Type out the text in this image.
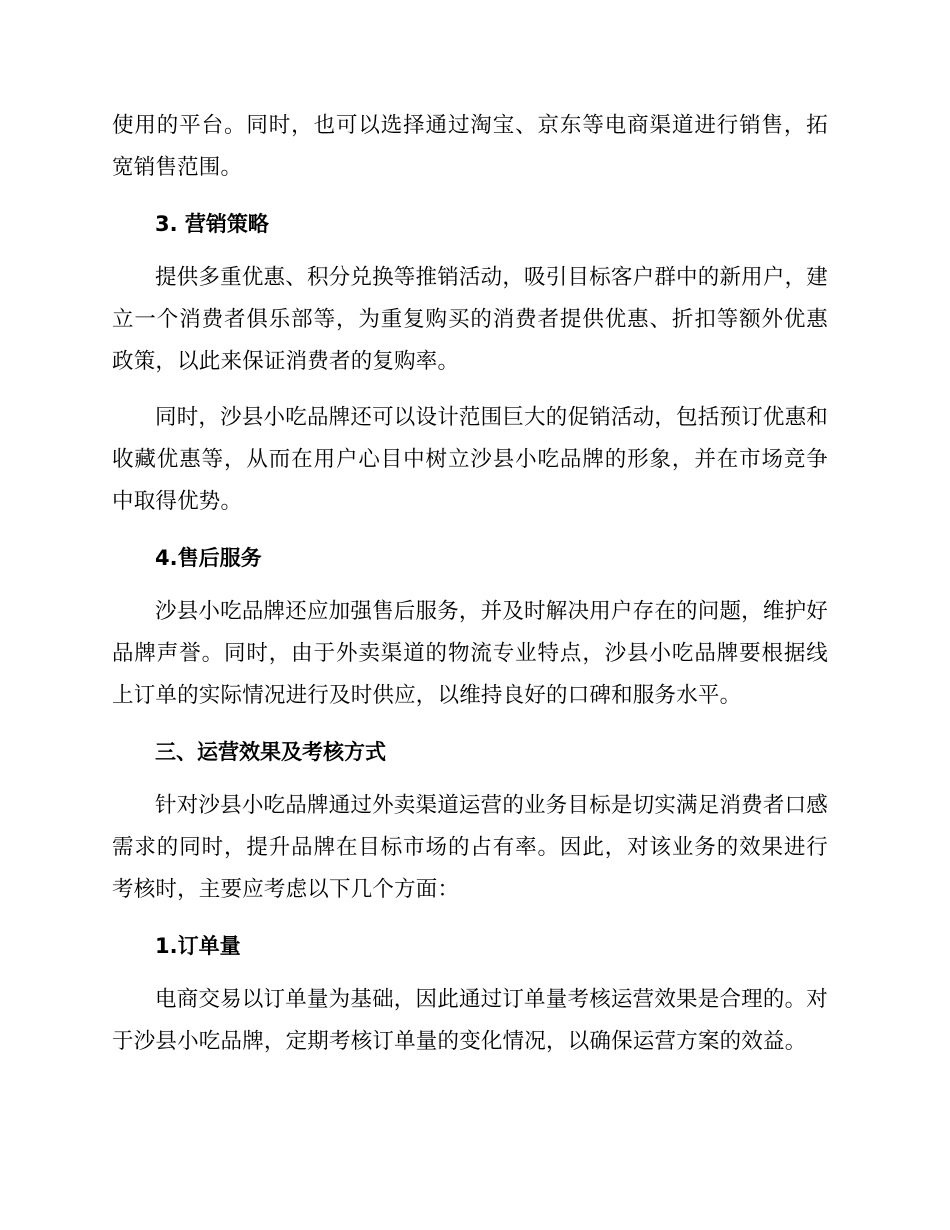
使用的平台。同时，也可以选择通过淘宝、京东等电商渠道进行销售，拓宽销售范围。

3. 营销策略

提供多重优惠、积分兑换等推销活动，吸引目标客户群中的新用户，建立一个消费者俱乐部等，为重复购买的消费者提供优惠、折扣等额外优惠政策，以此来保证消费者的复购率。

同时，沙县小吃品牌还可以设计范围巨大的促销活动，包括预订优惠和收藏优惠等，从而在用户心目中树立沙县小吃品牌的形象，并在市场竞争中取得优势。

4.售后服务

沙县小吃品牌还应加强售后服务，并及时解决用户存在的问题，维护好品牌声誉。同时，由于外卖渠道的物流专业特点，沙县小吃品牌要根据线上订单的实际情况进行及时供应，以维持良好的口碑和服务水平。

三、运营效果及考核方式

针对沙县小吃品牌通过外卖渠道运营的业务目标是切实满足消费者口感需求的同时，提升品牌在目标市场的占有率。因此，对该业务的效果进行考核时，主要应考虑以下几个方面：

1.订单量

电商交易以订单量为基础，因此通过订单量考核运营效果是合理的。对于沙县小吃品牌，定期考核订单量的变化情况，以确保运营方案的效益。
